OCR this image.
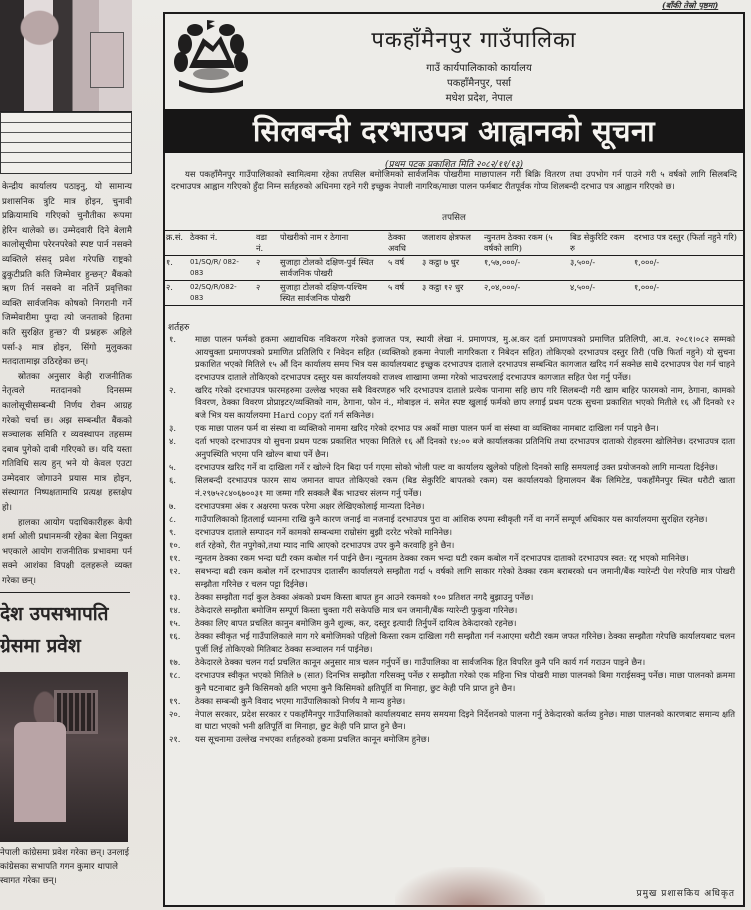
केन्द्रीय कार्यालय पठाइनु, यो सामान्य प्रशासनिक त्रुटि मात्र होइन, चुनावी प्रक्रियामाथि गरिएको चुनौतीका रूपमा हेरिन थालेको छ। उम्मेदवारी दिने बेलामै कालोसूचीमा परेरनपरेको स्पष्ट पार्न नसक्ने व्यक्तिले संसद् प्रवेश गरेपछि राष्ट्रको ढुकुटीप्रति कति जिम्मेवार हुन्छन्? बैंकको ऋण तिर्न नसक्ने वा नतिर्ने प्रवृत्तिका व्यक्ति सार्वजनिक कोषको निगरानी गर्ने जिम्मेवारीमा पुग्दा त्यो जनताको हितमा कति सुरक्षित हुन्छ? यी प्रश्नहरू अहिले पर्सा-३ मात्र होइन, सिंगो मुलुकका मतदातामाझ उठिरहेका छन्।

स्रोतका अनुसार केही राजनीतिक नेतृत्वले मतदानको दिनसम्म कालोसूचीसम्बन्धी निर्णय रोक्न आग्रह गरेको चर्चा छ। अझ सम्बन्धीत बैंकको सञ्चालक समिति र व्यवस्थापन तहसम्म दबाब पुगेको दाबी गरिएको छ। यदि यस्ता गतिविधि सत्य हुन् भने यो केवल एउटा उम्मेदवार जोगाउने प्रयास मात्र होइन, संस्थागत निष्पक्षतामाथि प्रत्यक्ष हस्तक्षेप हो।

हालका आयोग पदाधिकारीहरू केपी शर्मा ओली प्रधानमन्त्री रहेका बेला नियुक्त भएकाले आयोग राजनीतिक प्रभावमा पर्न सक्ने आशंका विपक्षी दलहरूले व्यक्त गरेका छन्।

देश उपसभापति
ग्रेसमा प्रवेश
नेपाली कांग्रेसमा प्रवेश गरेका छन्। उनलाई कांग्रेसका सभापति गगन कुमार थापाले स्वागत गरेका छन्।
(बाँकी तेस्रो पृष्ठमा)
पकहाँमैनपुर गाउँपालिका
गाउँ कार्यपालिकाको कार्यालय
पकहाँमैनपुर, पर्सा
मधेश प्रदेश, नेपाल
सिलबन्दी दरभाउपत्र आह्वानको सूचना
(प्रथम पटक प्रकाशित मिति २०८२/११/१३)

यस पकहाँमैनपुर गाउँपालिकाको स्वामित्वमा रहेका तपसिल बमोजिमको सार्वजनिक पोखरीमा माछापालन गरी बिक्रि वितरण तथा उपभोग गर्न पाउने गरी ५ वर्षको लागि सिलबन्दि दरभाउपत्र आह्वान गरिएको हुँदा निम्न सर्तहरुको अधिनमा रहने गरी इच्छुक नेपाली नागरिक/माछा पालन फर्मबाट रीतपूर्वक गोप्य शिलबन्दी दरभाउ पत्र आह्वान गरिएको छ।

तपसिल
क्र.सं.	ठेक्का नं.	वडा नं.	पोखरीको नाम र ठेगाना	ठेक्का अवधि	जलाशय क्षेत्रफल	न्युनतम ठेक्का रकम (५ वर्षको लागि)	बिड सेकुरिटि रकम रु	दरभाउ पत्र दस्तुर (फिर्ता नहुने गरि)
१.	01/SQ/R/ 082-083	२	सुजाहा टोलको दक्षिण-पुर्व स्थित सार्वजनिक पोखरी	५ वर्ष	३ कट्ठा ७ धुर	१,५७,०००/-	३,५००/-	१,०००/-
२.	02/SQ/R/082- 083	२	सुजाहा टोलको दक्षिण-पश्चिम स्थित सार्वजनिक पोखरी	५ वर्ष	३ कट्ठा १२ धुर	२,०४,०००/-	४,५००/-	१,०००/-
शर्तहरु
१.	माछा पालन फर्मको हकमा अद्यावधिक नविकरण गरेको इजाजत पत्र, स्थायी लेखा नं. प्रमाणपत्र, मु.अ.कर दर्ता प्रमाणपत्रको प्रमाणित प्रतिलिपी, आ.व. २०८१।०८२ सम्मको आयचुक्ता प्रमाणपत्रको प्रमाणित प्रतिलिपि र निवेदन सहित (व्यक्तिको हकमा नेपाली नागरिकता र निबेदन सहित) तोकिएको दरभाउपत्र दस्तुर तिरी (पछि फिर्ता नहुने) यो सुचना प्रकाशित भएको मितिले १५ औं दिन कार्यालय समय भित्र यस कार्यालयबाट इच्छुक दरभाउपत्र दाताले दरभाउपत्र सम्बन्धित कागजात खरिद गर्न सक्नेछ साथै दरभाउपत्र पेश गर्न चाहने दरभाउपत्र दाताले तोकिएको दरभाउपत्र दस्तुर यस कार्यालयको राजश्व शाखामा जम्मा गरेको भाउचरलाई दरभाउपत्र कागजात सहित पेश गर्नु पर्नेछ।
२.	खरिद गरेको दरभाउपत्र फारमहरुमा उल्लेख भएका सबै विवरणहरु भरि दरभाउपत्र दाताले प्रत्येक पानामा सहि छाप गरि सिलबन्दी गरी खाम बाहिर फारमको नाम, ठेगाना, कामको विवरण, ठेक्का विवरण प्रोप्राइटर/व्यक्तिको नाम, ठेगाना, फोन नं., मोबाइल नं. समेत स्पष्ट खुलाई फर्मको छाप लगाई प्रथम पटक सुचना प्रकाशित भएको मितीले १६ औं दिनको १२ बजे भित्र यस कार्यालयमा Hard copy दर्ता गर्न सकिनेछ।
३.	एक माछा पालन फर्म वा संस्था वा व्यक्तिको नाममा खरिद गरेको दरभाउ पत्र अर्को माछा पालन फर्म वा संस्था वा व्यक्तिका नामबाट दाखिला गर्न पाइने छैन।
४.	दर्ता भएको दरभाउपत्र यो सुचना प्रथम पटक प्रकाशित भएका मितिले १६ औं दिनको १४:०० बजे कार्यालकका प्रतिनिधि तथा दरभाउपत्र दाताको रोहवरमा खोलिनेछ। दरभाउपत्र दाता अनुपस्थिति भएमा पनि खोल्न बाधा पर्ने छैन।
५.	दरभाउपत्र खरिद गर्ने वा दाखिला गर्ने र खोल्ने दिन बिदा पर्न गएमा सोको भोली पल्ट वा कार्यालय खुलेको पहिलो दिनको साहि समयलाई उक्त प्रयोजनको लागि मान्यता दिईनेछ।
६.	सिलबन्दी दरभाउपत्र फारम साथ जमानत वापत तोकिएको रकम (बिड सेकुरिटि बापतको रकम) यस कार्यालयको हिमालयन बैंक लिमिटेड, पकहाँमैनपुर स्थित धरौटी खाता नं.२९७५२८४०६७००३१ मा जम्मा गरि सक्कलै बैंक भाउचर संलग्न गर्नु पर्नेछ।
७.	दरभाउपत्रमा अंक र अक्षरमा फरक परेमा अक्षर लेखिएकोलाई मान्यता दिनेछ।
८.	गाउँपालिकाको हितलाई ध्यानमा राखि कुनै कारण जनाई वा नजनाई दरभाउपत्र पुरा वा आंशिक रुपमा स्वीकृती गर्ने वा नगर्ने सम्पूर्ण अधिकार यस कार्यालयमा सुरक्षित रहनेछ।
९.	दरभाउपत्र दाताले सम्पादन गर्ने कामको सम्बन्धमा राम्रोसंग बुझी दररेट भरेको मानिनेछ।
१०.	शर्त रहेको, रीत नपुगेको,तथा म्याद नाघि आएको दरभाउपत्र उपर कुनै करवाहि हुने छैन।
११.	न्युनतम ठेक्का रकम भन्दा घटी रकम कबोल गर्न पाईने छैन। न्युनतम ठेक्का रकम भन्दा घटी रकम कबोल गर्ने दरभाउपत्र दाताको दरभाउपत्र स्वत: रद्द भएको मानिनेछ।
१२.	सबभन्दा बढी रकम कबोल गर्ने दरभाउपत्र दातासँग कार्यालयले सम्झौता गर्दा ५ वर्षको लागि साकार गरेको ठेक्का रकम बराबरको धन जमानी/बैंक ग्यारेन्टी पेश गरेपछि मात्र पोखरी सम्झौता गरिनेछ र चलन पट्टा दिईनेछ।
१३.	ठेक्का सम्झौता गर्दा कुल ठेक्का अंकको प्रथम किस्ता बापत हुन आउने रकमको १०० प्रतिशत नगदै बुझाउनु पर्नेछ।
१४.	ठेकेदारले सम्झौता बमोजिम सम्पूर्ण किस्ता चुक्ता गरी सकेपछि मात्र धन जमानी/बैंक ग्यारेन्टी फुकुवा गरिनेछ।
१५.	ठेक्का लिए बापत प्रचलित कानुन बमोजिम कुनै शुल्क, कर, दस्तुर इत्यादी तिर्नुपर्ने दायित्व ठेकेदारको रहनेछ।
१६.	ठेक्का स्वीकृत भई गाउँपालिकाले माग गरे बमोजिमको पहिलो किस्ता रकम दाखिला गरी सम्झौता गर्न नआएमा धरौटी रकम जफत गरिनेछ। ठेक्का सम्झौता गरेपछि कार्यालयबाट चलन पुर्जी लिई तोकिएको मितिबाट ठेक्का सञ्चालन गर्न पाईनेछ।
१७.	ठेकेदारले ठेक्का चलन गर्दा प्रचलित कानून अनुसार मात्र चलन गर्नुपर्ने छ। गाउँपालिका वा सार्वजनिक हित विपरित कुनै पनि कार्य गर्न गराउन पाइने छैन।
१८.	दरभाउपत्र स्वीकृत भएको मितिले ७ (सात) दिनभित्र सम्झौता गरिसक्नु पर्नेछ र सम्झौता गरेको एक महिना भित्र पोखरी माछा पालनको बिमा गराईसक्नु पर्नेछ। माछा पालनको क्रममा कुनै घटनाबाट कुनै किसिमको क्षति भएमा कुनै किसिमको क्षतिपूर्ति वा मिनाहा, छुट केही पनि प्राप्त हुने छैन।
१९.	ठेक्का सम्बन्धी कुनै विवाद भएमा गाउँपालिकाको निर्णय नै मान्य हुनेछ।
२०.	नेपाल सरकार, प्रदेश सरकार र पकहाँमैनपुर गाउँपालिकाको कार्यालयबाट समय समयमा दिइने निर्देशनको पालना गर्नु ठेकेदारको कर्तव्य हुनेछ। माछा पालनको कारणबाट समान्य क्षति वा घाटा भएको भनी क्षतिपूर्ति वा मिनाहा, छुट केही पनि प्राप्त हुने छैन।
२१.	यस सूचनामा उल्लेख नभएका शर्तहरुको हकमा प्रचलित कानून बमोजिम हुनेछ।
प्रमुख प्रशासकिय अधिकृत
